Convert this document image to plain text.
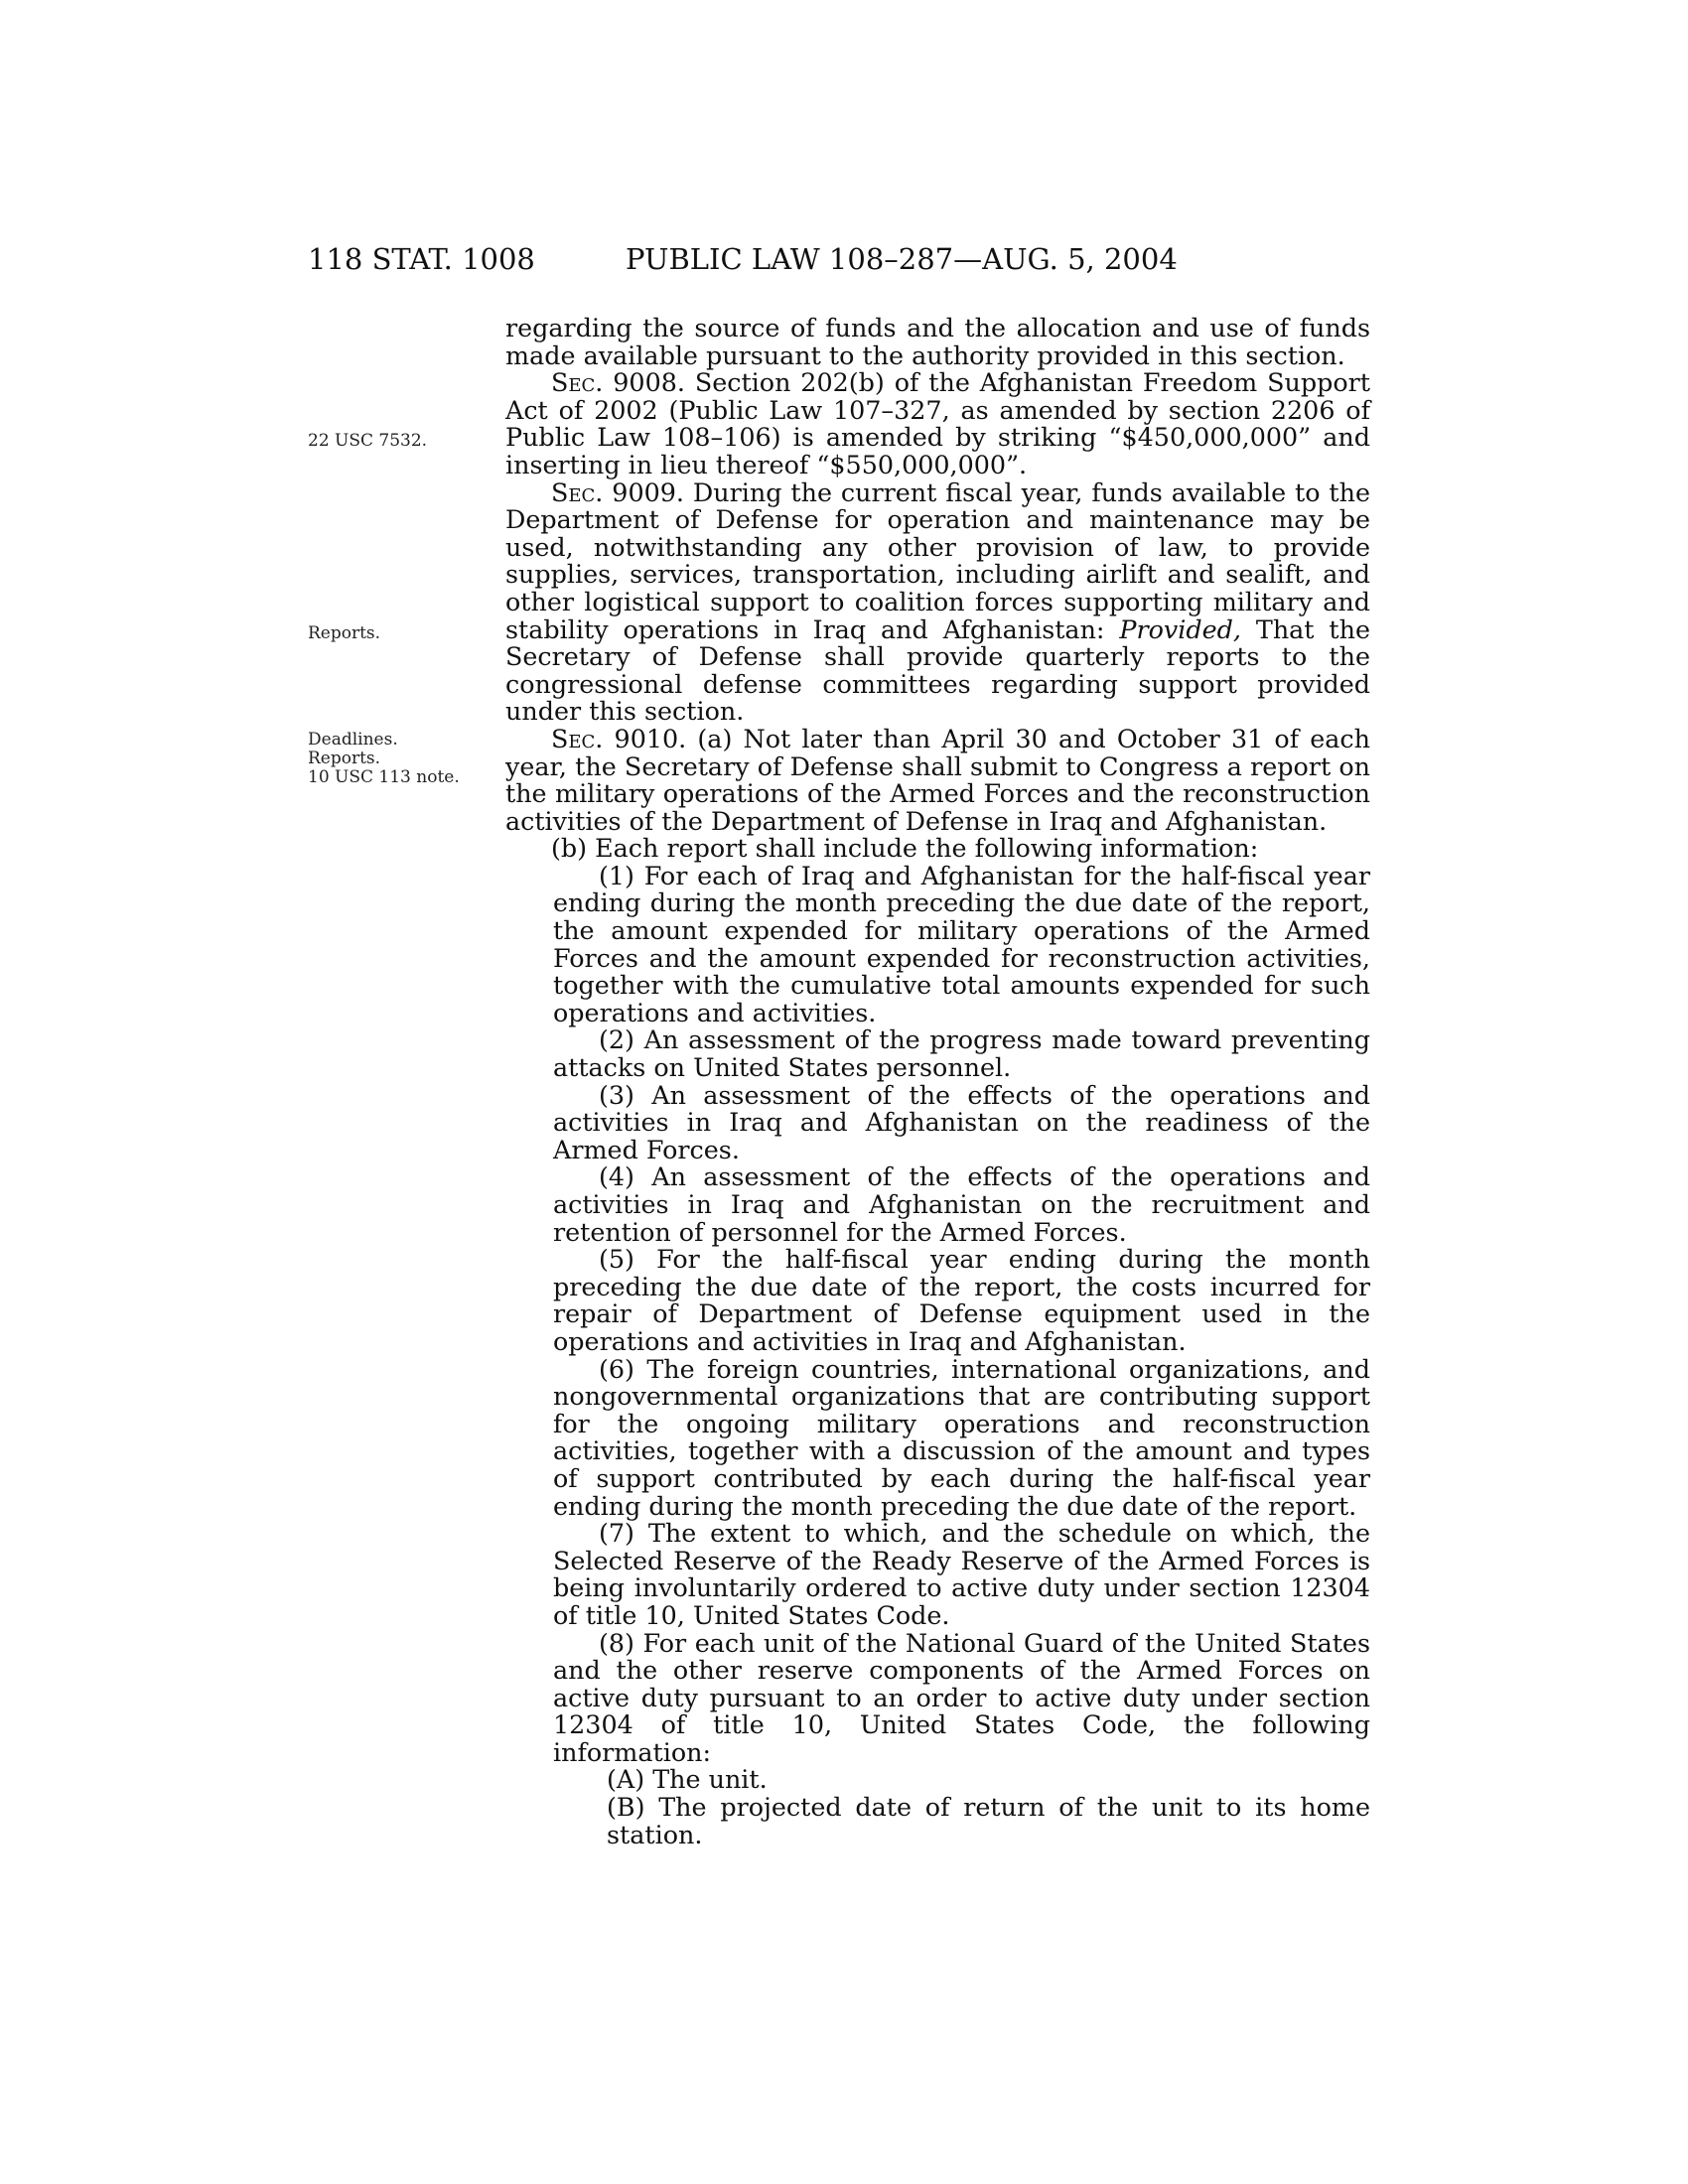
118 STAT. 1008	PUBLIC LAW 108–287—AUG. 5, 2004
22 USC 7532.
Reports.
Deadlines.
Reports.
10 USC 113 note.

regarding the source of funds and the allocation and use of funds made available pursuant to the authority provided in this section.

Sec. 9008. Section 202(b) of the Afghanistan Freedom Support Act of 2002 (Public Law 107–327, as amended by section 2206 of Public Law 108–106) is amended by striking “$450,000,000” and inserting in lieu thereof “$550,000,000”.

Sec. 9009. During the current fiscal year, funds available to the Department of Defense for operation and maintenance may be used, notwithstanding any other provision of law, to provide supplies, services, transportation, including airlift and sealift, and other logistical support to coalition forces supporting military and stability operations in Iraq and Afghanistan: Provided, That the Secretary of Defense shall provide quarterly reports to the congressional defense committees regarding support provided under this section.

Sec. 9010. (a) Not later than April 30 and October 31 of each year, the Secretary of Defense shall submit to Congress a report on the military operations of the Armed Forces and the reconstruction activities of the Department of Defense in Iraq and Afghanistan.

(b) Each report shall include the following information:

(1) For each of Iraq and Afghanistan for the half-fiscal year ending during the month preceding the due date of the report, the amount expended for military operations of the Armed Forces and the amount expended for reconstruction activities, together with the cumulative total amounts expended for such operations and activities.

(2) An assessment of the progress made toward preventing attacks on United States personnel.

(3) An assessment of the effects of the operations and activities in Iraq and Afghanistan on the readiness of the Armed Forces.

(4) An assessment of the effects of the operations and activities in Iraq and Afghanistan on the recruitment and retention of personnel for the Armed Forces.

(5) For the half-fiscal year ending during the month preceding the due date of the report, the costs incurred for repair of Department of Defense equipment used in the operations and activities in Iraq and Afghanistan.

(6) The foreign countries, international organizations, and nongovernmental organizations that are contributing support for the ongoing military operations and reconstruction activities, together with a discussion of the amount and types of support contributed by each during the half-fiscal year ending during the month preceding the due date of the report.

(7) The extent to which, and the schedule on which, the Selected Reserve of the Ready Reserve of the Armed Forces is being involuntarily ordered to active duty under section 12304 of title 10, United States Code.

(8) For each unit of the National Guard of the United States and the other reserve components of the Armed Forces on active duty pursuant to an order to active duty under section 12304 of title 10, United States Code, the following information:

(A) The unit.

(B) The projected date of return of the unit to its home station.
